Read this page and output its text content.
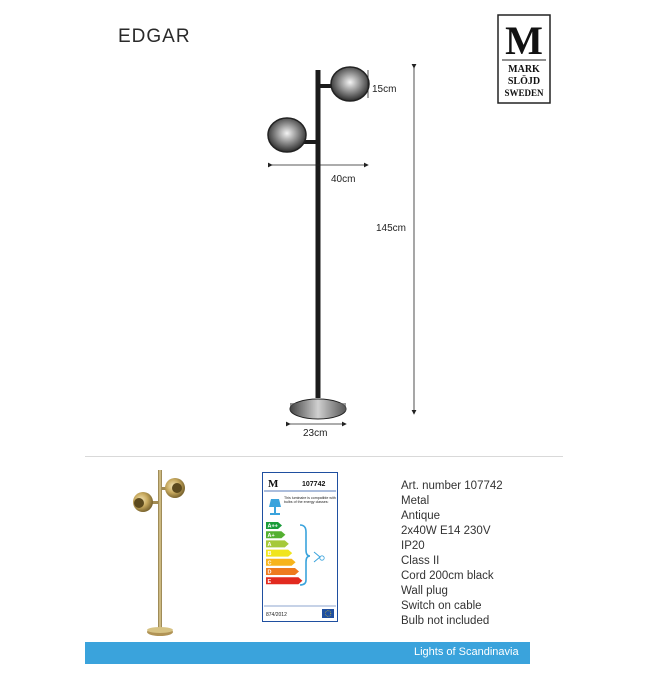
EDGAR	M
MARK
SLÖJD
SWEDEN
15cm
40cm
145cm
23cm
M	107742
This luminaire is compatible with bulbs of the energy classes:
A++
A+
A
B
C
D
E
874/2012
Art. number 107742
Metal
Antique
2x40W E14 230V
IP20
Class II
Cord 200cm black
Wall plug
Switch on cable
Bulb not included
Lights of Scandinavia
